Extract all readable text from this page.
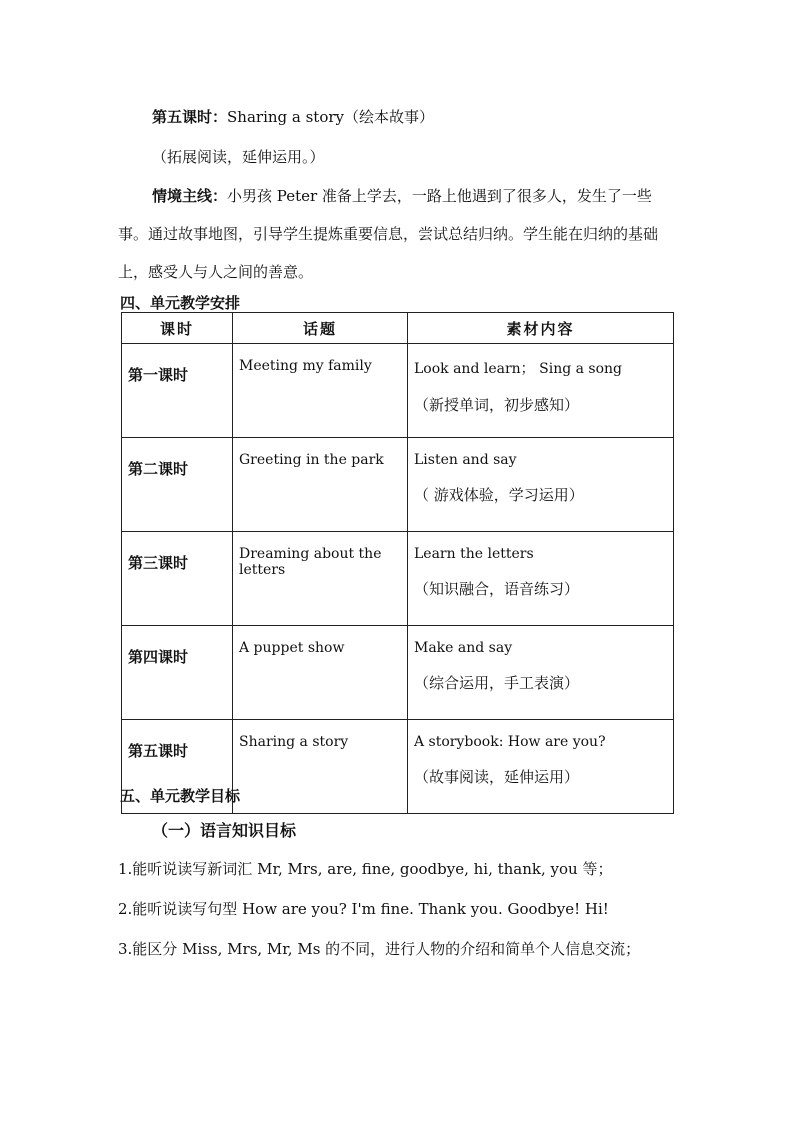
第五课时：Sharing a story（绘本故事）
（拓展阅读，延伸运用。）
情境主线：小男孩 Peter 准备上学去，一路上他遇到了很多人，发生了一些事。通过故事地图，引导学生提炼重要信息，尝试总结归纳。学生能在归纳的基础上，感受人与人之间的善意。
四、单元教学安排
课时	话题	素材内容

第一课时	Meeting my family	Look and learn； Sing a song
（新授单词，初步感知）

第二课时	Greeting in the park	Listen and say
（ 游戏体验，学习运用）

第三课时	Dreaming about the letters	Learn the letters
（知识融合，语音练习）

第四课时	A puppet show	Make and say
（综合运用，手工表演）

第五课时	Sharing a story	A storybook: How are you?
（故事阅读，延伸运用）
五、单元教学目标
（一）语言知识目标
1.能听说读写新词汇 Mr, Mrs, are, fine, goodbye, hi, thank, you 等；
2.能听说读写句型 How are you? I'm fine. Thank you. Goodbye! Hi!
3.能区分 Miss, Mrs, Mr, Ms 的不同，进行人物的介绍和简单个人信息交流；
